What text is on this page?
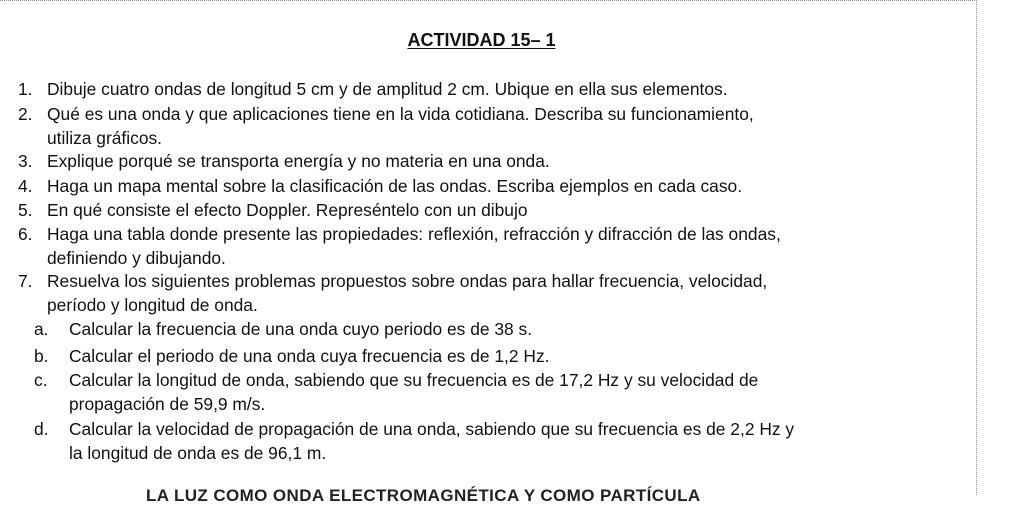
ACTIVIDAD 15– 1
1. Dibuje cuatro ondas de longitud 5 cm y de amplitud 2 cm. Ubique en ella sus elementos.
2. Qué es una onda y que aplicaciones tiene en la vida cotidiana. Describa su funcionamiento,
utiliza gráficos.
3. Explique porqué se transporta energía y no materia en una onda.
4. Haga un mapa mental sobre la clasificación de las ondas. Escriba ejemplos en cada caso.
5. En qué consiste el efecto Doppler. Represéntelo con un dibujo
6. Haga una tabla donde presente las propiedades: reflexión, refracción y difracción de las ondas,
definiendo y dibujando.
7. Resuelva los siguientes problemas propuestos sobre ondas para hallar frecuencia, velocidad,
período y longitud de onda.
a. Calcular la frecuencia de una onda cuyo periodo es de 38 s.
b. Calcular el periodo de una onda cuya frecuencia es de 1,2 Hz.
c. Calcular la longitud de onda, sabiendo que su frecuencia es de 17,2 Hz y su velocidad de
propagación de 59,9 m/s.
d. Calcular la velocidad de propagación de una onda, sabiendo que su frecuencia es de 2,2 Hz y
la longitud de onda es de 96,1 m.
LA LUZ COMO ONDA ELECTROMAGNÉTICA Y COMO PARTÍCULA
